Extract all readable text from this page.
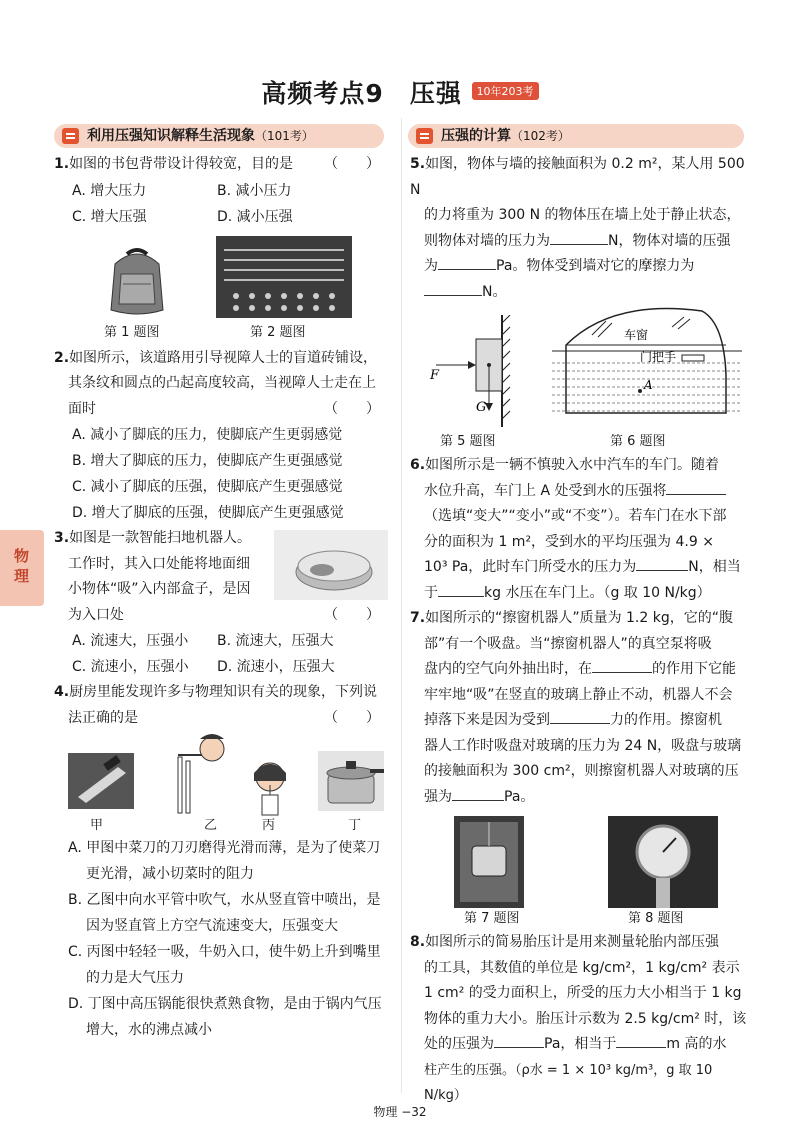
高频考点9 压强 10年203考
物理
利用压强知识解释生活现象（101考）	压强的计算（102考）

1.如图的书包背带设计得较宽，目的是 （　　）

A. 增大压力	B. 减小压力
C. 增大压强	D. 减小压强
第 1 题图	第 2 题图

2.如图所示，该道路用引导视障人士的盲道砖铺设，

其条纹和圆点的凸起高度较高，当视障人士走在上

面时	（　　）

A. 减小了脚底的压力，使脚底产生更弱感觉

B. 增大了脚底的压力，使脚底产生更强感觉

C. 减小了脚底的压强，使脚底产生更强感觉

D. 增大了脚底的压强，使脚底产生更强感觉

3.如图是一款智能扫地机器人。

工作时，其入口处能将地面细

小物体“吸”入内部盒子，是因

为入口处	（　　）

A. 流速大，压强小	B. 流速大，压强大
C. 流速小，压强小	D. 流速小，压强大

4.厨房里能发现许多与物理知识有关的现象，下列说

法正确的是	（　　）

甲	乙	丙	丁

A. 甲图中菜刀的刀刃磨得光滑而薄，是为了使菜刀

更光滑，减小切菜时的阻力

B. 乙图中向水平管中吹气，水从竖直管中喷出，是

因为竖直管上方空气流速变大，压强变大

C. 丙图中轻轻一吸，牛奶入口，使牛奶上升到嘴里

的力是大气压力

D. 丁图中高压锅能很快煮熟食物，是由于锅内气压

增大，水的沸点减小

5.如图，物体与墙的接触面积为 0.2 m²，某人用 500 N

的力将重为 300 N 的物体压在墙上处于静止状态，

则物体对墙的压力为	N，物体对墙的压强

为	Pa。物体受到墙对它的摩擦力为

N。

F
G
车窗
门把手
A
第 5 题图	第 6 题图

6.如图所示是一辆不慎驶入水中汽车的车门。随着

水位升高，车门上 A 处受到水的压强将

（选填“变大”“变小”或“不变”）。若车门在水下部

分的面积为 1 m²，受到水的平均压强为 4.9 ×

10³ Pa，此时车门所受水的压力为	N，相当

于	kg 水压在车门上。（g 取 10 N/kg）

7.如图所示的“擦窗机器人”质量为 1.2 kg，它的“腹

部”有一个吸盘。当“擦窗机器人”的真空泵将吸

盘内的空气向外抽出时，在	的作用下它能

牢牢地“吸”在竖直的玻璃上静止不动，机器人不会

掉落下来是因为受到	力的作用。擦窗机

器人工作时吸盘对玻璃的压力为 24 N，吸盘与玻璃

的接触面积为 300 cm²，则擦窗机器人对玻璃的压

强为	Pa。

第 7 题图	第 8 题图

8.如图所示的简易胎压计是用来测量轮胎内部压强

的工具，其数值的单位是 kg/cm²，1 kg/cm² 表示

1 cm² 的受力面积上，所受的压力大小相当于 1 kg

物体的重力大小。胎压计示数为 2.5 kg/cm² 时，该

处的压强为	Pa，相当于	m 高的水

柱产生的压强。（ρ水 = 1 × 10³ kg/m³，g 取 10 N/kg）

物理 −32
